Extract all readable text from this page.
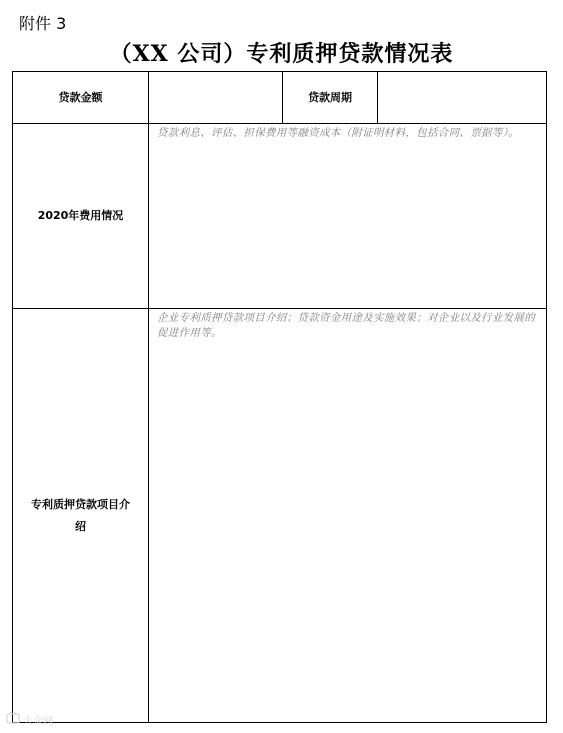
附件 3
（XX 公司）专利质押贷款情况表
贷款金额	贷款周期
2020年费用情况
贷款利息、评估、担保费用等融资成本（附证明材料，包括合同、票据等）。
专利质押贷款项目介绍
企业专利质押贷款项目介绍；贷款资金用途及实施效果；对企业以及行业发展的促进作用等。
大众网
